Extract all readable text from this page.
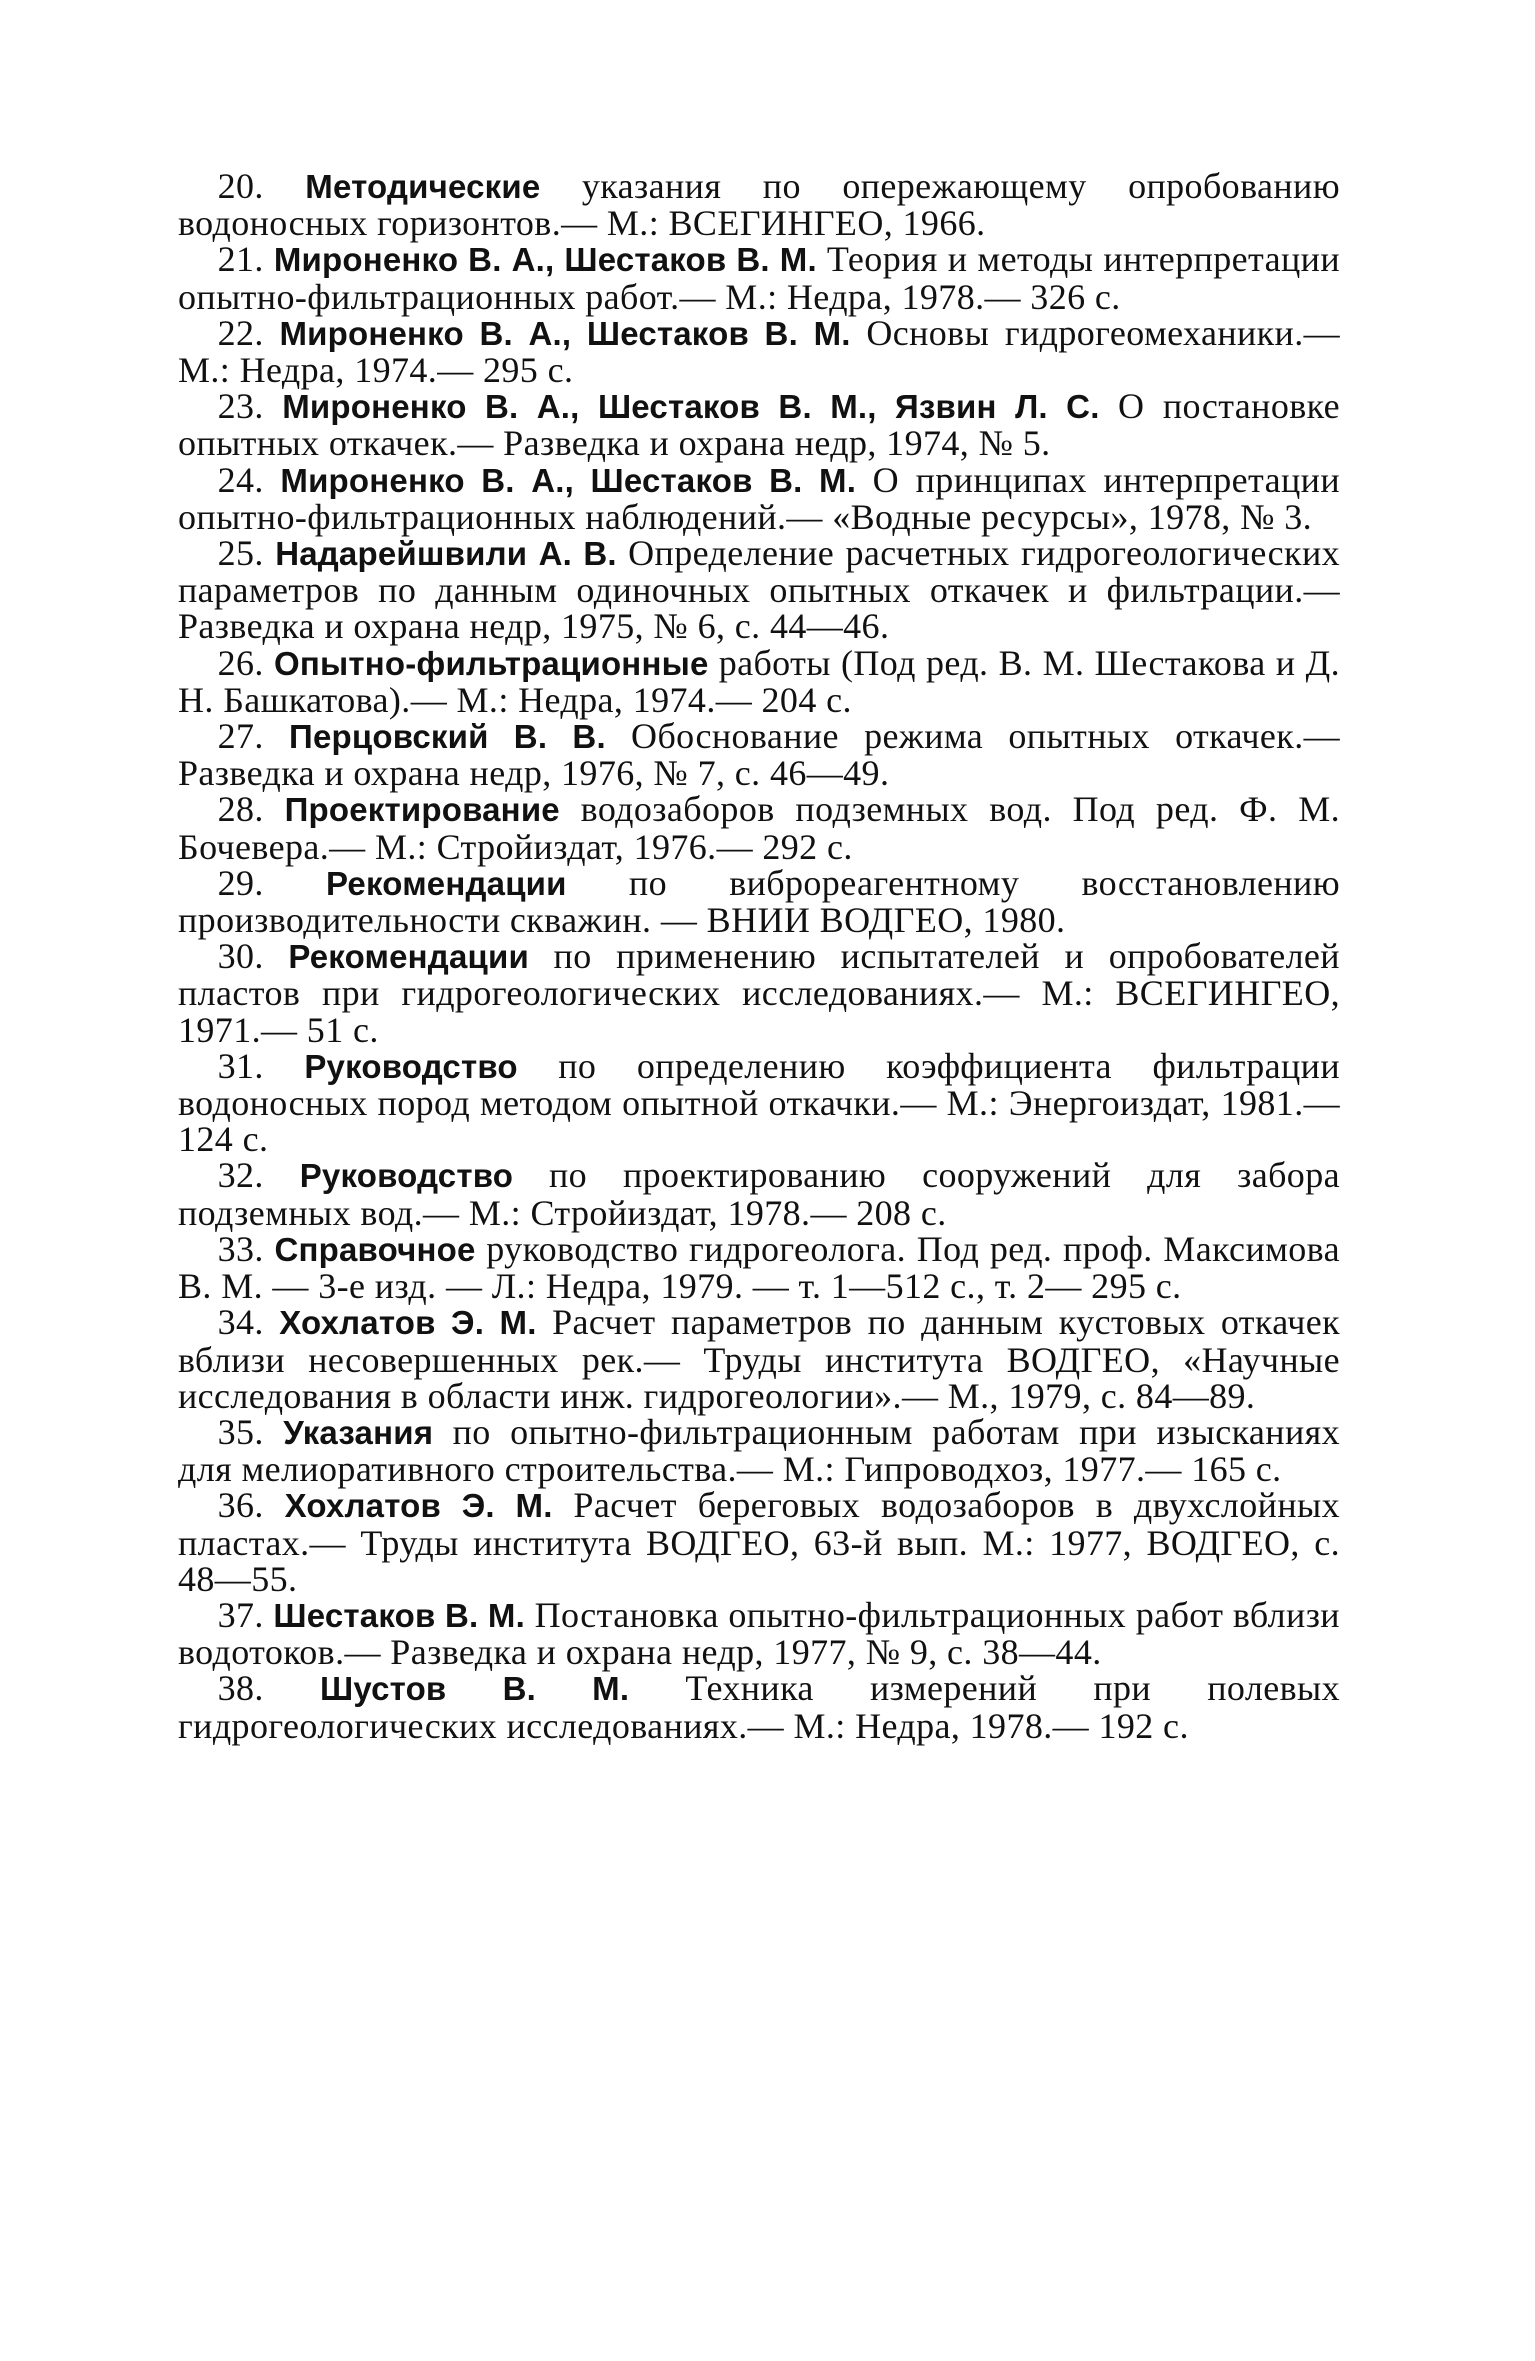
20. Методические указания по опережающему опробованию водоносных горизонтов.— М.: ВСЕГИНГЕО, 1966.
21. Мироненко В. А., Шестаков В. М. Теория и методы интерпретации опытно-фильтрационных работ.— М.: Недра, 1978.— 326 с.
22. Мироненко В. А., Шестаков В. М. Основы гидрогеомеханики.— М.: Недра, 1974.— 295 с.
23. Мироненко В. А., Шестаков В. М., Язвин Л. С. О постановке опытных откачек.— Разведка и охрана недр, 1974, № 5.
24. Мироненко В. А., Шестаков В. М. О принципах интерпретации опытно-фильтрационных наблюдений.— «Водные ресурсы», 1978, № 3.
25. Надарейшвили А. В. Определение расчетных гидрогеологических параметров по данным одиночных опытных откачек и фильтрации.— Разведка и охрана недр, 1975, № 6, с. 44—46.
26. Опытно-фильтрационные работы (Под ред. В. М. Шестакова и Д. Н. Башкатова).— М.: Недра, 1974.— 204 с.
27. Перцовский В. В. Обоснование режима опытных откачек.— Разведка и охрана недр, 1976, № 7, с. 46—49.
28. Проектирование водозаборов подземных вод. Под ред. Ф. М. Бочевера.— М.: Стройиздат, 1976.— 292 с.
29. Рекомендации по виброреагентному восстановлению производительности скважин. — ВНИИ ВОДГЕО, 1980.
30. Рекомендации по применению испытателей и опробователей пластов при гидрогеологических исследованиях.— М.: ВСЕГИНГЕО, 1971.— 51 с.
31. Руководство по определению коэффициента фильтрации водоносных пород методом опытной откачки.— М.: Энергоиздат, 1981.— 124 с.
32. Руководство по проектированию сооружений для забора подземных вод.— М.: Стройиздат, 1978.— 208 с.
33. Справочное руководство гидрогеолога. Под ред. проф. Максимова В. М. — 3-е изд. — Л.: Недра, 1979. — т. 1—512 с., т. 2— 295 с.
34. Хохлатов Э. М. Расчет параметров по данным кустовых откачек вблизи несовершенных рек.— Труды института ВОДГЕО, «Научные исследования в области инж. гидрогеологии».— М., 1979, с. 84—89.
35. Указания по опытно-фильтрационным работам при изысканиях для мелиоративного строительства.— М.: Гипроводхоз, 1977.— 165 с.
36. Хохлатов Э. М. Расчет береговых водозаборов в двухслойных пластах.— Труды института ВОДГЕО, 63-й вып. М.: 1977, ВОДГЕО, с. 48—55.
37. Шестаков В. М. Постановка опытно-фильтрационных работ вблизи водотоков.— Разведка и охрана недр, 1977, № 9, с. 38—44.
38. Шустов В. М. Техника измерений при полевых гидрогеологических исследованиях.— М.: Недра, 1978.— 192 с.
